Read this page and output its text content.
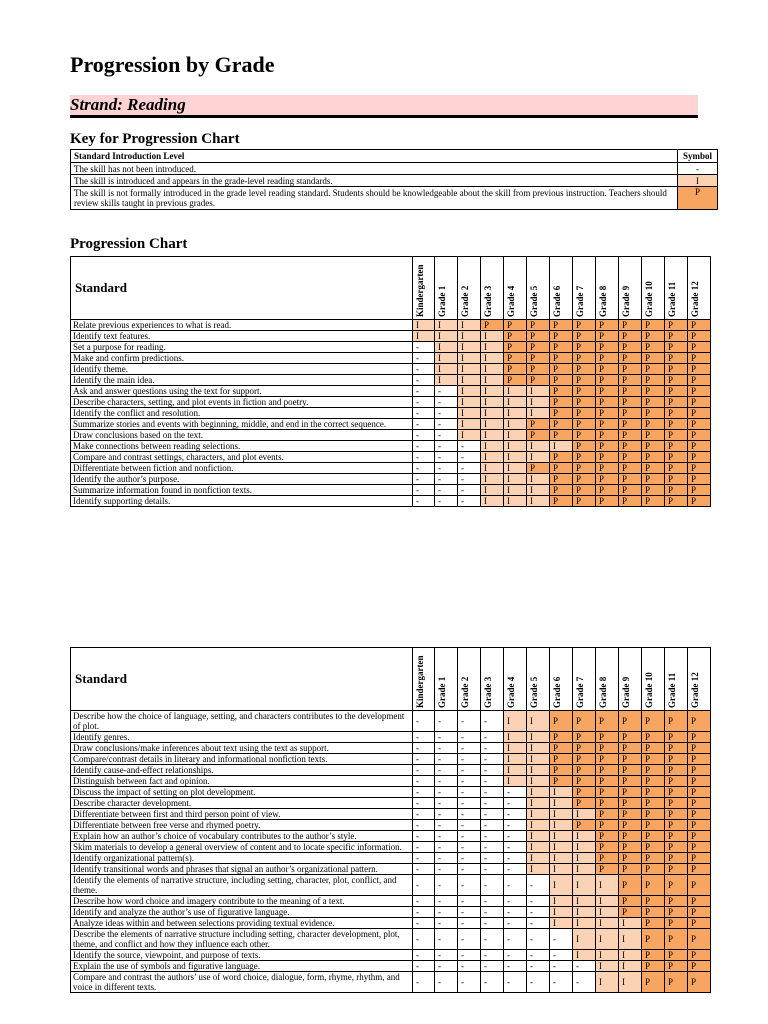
Progression by Grade
Strand: Reading
Key for Progression Chart
Standard Introduction Level	Symbol
The skill has not been introduced.	-
The skill is introduced and appears in the grade-level reading standards.	I
The skill is not formally introduced in the grade level reading standard. Students should be knowledgeable about the skill from previous instruction. Teachers should review skills taught in previous grades.	P
Progression Chart
Standard	Kindergarten	Grade 1	Grade 2	Grade 3	Grade 4	Grade 5	Grade 6	Grade 7	Grade 8	Grade 9	Grade 10	Grade 11	Grade 12

Relate previous experiences to what is read.	I	I	I	P	P	P	P	P	P	P	P	P	P
Identify text features.	I	I	I	I	P	P	P	P	P	P	P	P	P
Set a purpose for reading.	-	I	I	I	P	P	P	P	P	P	P	P	P
Make and confirm predictions.	-	I	I	I	P	P	P	P	P	P	P	P	P
Identify theme.	-	I	I	I	P	P	P	P	P	P	P	P	P
Identify the main idea.	-	I	I	I	P	P	P	P	P	P	P	P	P
Ask and answer questions using the text for support.	-	-	I	I	I	I	P	P	P	P	P	P	P
Describe characters, setting, and plot events in fiction and poetry.	-	-	I	I	I	I	P	P	P	P	P	P	P
Identify the conflict and resolution.	-	-	I	I	I	I	P	P	P	P	P	P	P
Summarize stories and events with beginning, middle, and end in the correct sequence.	-	-	I	I	I	P	P	P	P	P	P	P	P
Draw conclusions based on the text.	-	-	I	I	I	P	P	P	P	P	P	P	P
Make connections between reading selections.	-	-	-	I	I	I	I	P	P	P	P	P	P
Compare and contrast settings, characters, and plot events.	-	-	-	I	I	I	P	P	P	P	P	P	P
Differentiate between fiction and nonfiction.	-	-	-	I	I	P	P	P	P	P	P	P	P
Identify the author’s purpose.	-	-	-	I	I	I	P	P	P	P	P	P	P
Summarize information found in nonfiction texts.	-	-	-	I	I	I	P	P	P	P	P	P	P
Identify supporting details.	-	-	-	I	I	I	P	P	P	P	P	P	P
Standard	Kindergarten	Grade 1	Grade 2	Grade 3	Grade 4	Grade 5	Grade 6	Grade 7	Grade 8	Grade 9	Grade 10	Grade 11	Grade 12

Describe how the choice of language, setting, and characters contributes to the development of plot.	-	-	-	-	I	I	P	P	P	P	P	P	P
Identify genres.	-	-	-	-	I	I	P	P	P	P	P	P	P
Draw conclusions/make inferences about text using the text as support.	-	-	-	-	I	I	P	P	P	P	P	P	P
Compare/contrast details in literary and informational nonfiction texts.	-	-	-	-	I	I	P	P	P	P	P	P	P
Identify cause-and-effect relationships.	-	-	-	-	I	I	P	P	P	P	P	P	P
Distinguish between fact and opinion.	-	-	-	-	I	I	P	P	P	P	P	P	P
Discuss the impact of setting on plot development.	-	-	-	-	-	I	I	P	P	P	P	P	P
Describe character development.	-	-	-	-	-	I	I	P	P	P	P	P	P
Differentiate between first and third person point of view.	-	-	-	-	-	I	I	I	P	P	P	P	P
Differentiate between free verse and rhymed poetry.	-	-	-	-	-	I	I	P	P	P	P	P	P
Explain how an author’s choice of vocabulary contributes to the author’s style.	-	-	-	-	-	I	I	I	P	P	P	P	P
Skim materials to develop a general overview of content and to locate specific information.	-	-	-	-	-	I	I	I	P	P	P	P	P
Identify organizational pattern(s).	-	-	-	-	-	I	I	I	P	P	P	P	P
Identify transitional words and phrases that signal an author’s organizational pattern.	-	-	-	-	-	I	I	I	P	P	P	P	P
Identify the elements of narrative structure, including setting, character, plot, conflict, and theme.	-	-	-	-	-	-	I	I	I	P	P	P	P
Describe how word choice and imagery contribute to the meaning of a text.	-	-	-	-	-	-	I	I	I	P	P	P	P
Identify and analyze the author’s use of figurative language.	-	-	-	-	-	-	I	I	I	P	P	P	P
Analyze ideas within and between selections providing textual evidence.	-	-	-	-	-	-	I	I	I	I	P	P	P
Describe the elements of narrative structure including setting, character development, plot, theme, and conflict and how they influence each other.	-	-	-	-	-	-	-	I	I	I	P	P	P
Identify the source, viewpoint, and purpose of texts.	-	-	-	-	-	-	-	I	I	I	P	P	P
Explain the use of symbols and figurative language.	-	-	-	-	-	-	-	-	I	I	P	P	P
Compare and contrast the authors’ use of word choice, dialogue, form, rhyme, rhythm, and voice in different texts.	-	-	-	-	-	-	-	-	I	I	P	P	P
